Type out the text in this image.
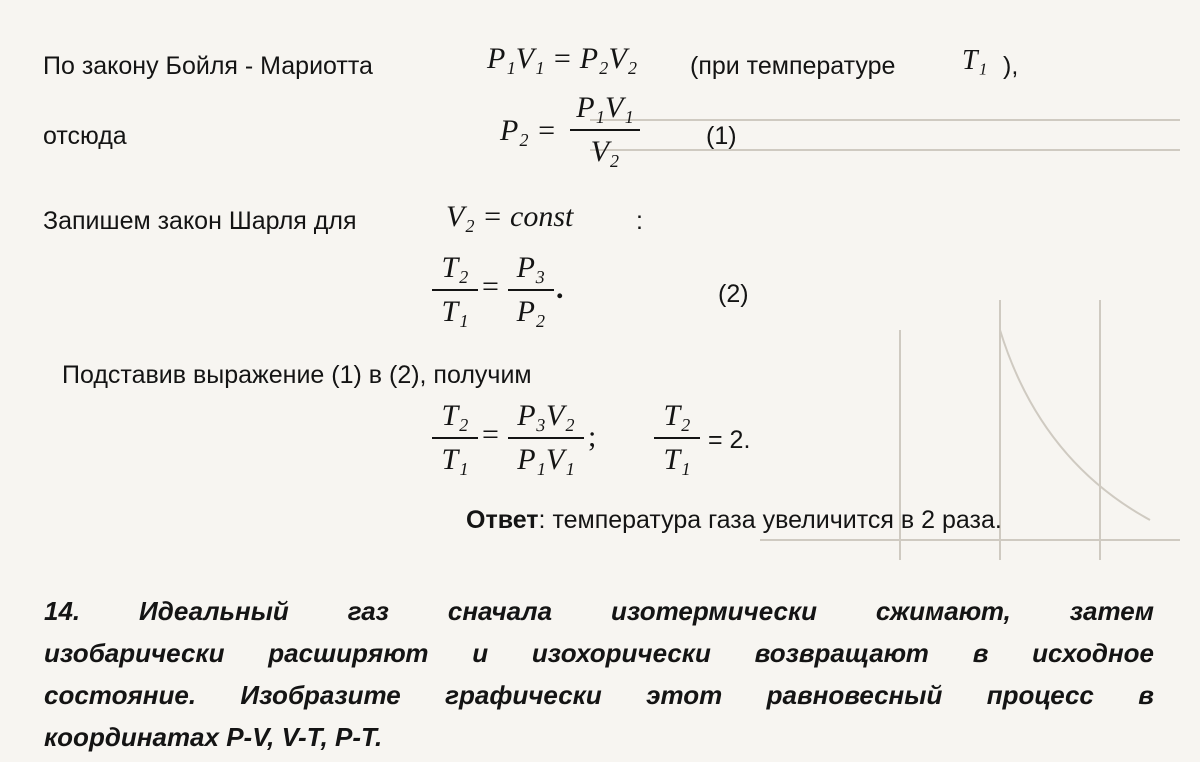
По закону Бойля - Мариотта	P₁V₁ = P₂V₂ (при температуре T₁ ),
отсюда	P₂ =
P₁V₁
V₂	(1)
Запишем закон Шарля для	V₂ = const	:
T₂
T₁
=
P₃
P₂
.	(2)
Подставив выражение (1) в (2), получим
T₂
T₁
=
P₃V₂
P₁V₁
;
T₂
T₁
= 2.
Ответ: температура газа увеличится в 2 раза.
14. Идеальный газ сначала изотермически сжимают, затем
изобарически расширяют и изохорически возвращают в исходное
состояние. Изобразите графически этот равновесный процесс в
координатах P-V, V-T, P-T.
